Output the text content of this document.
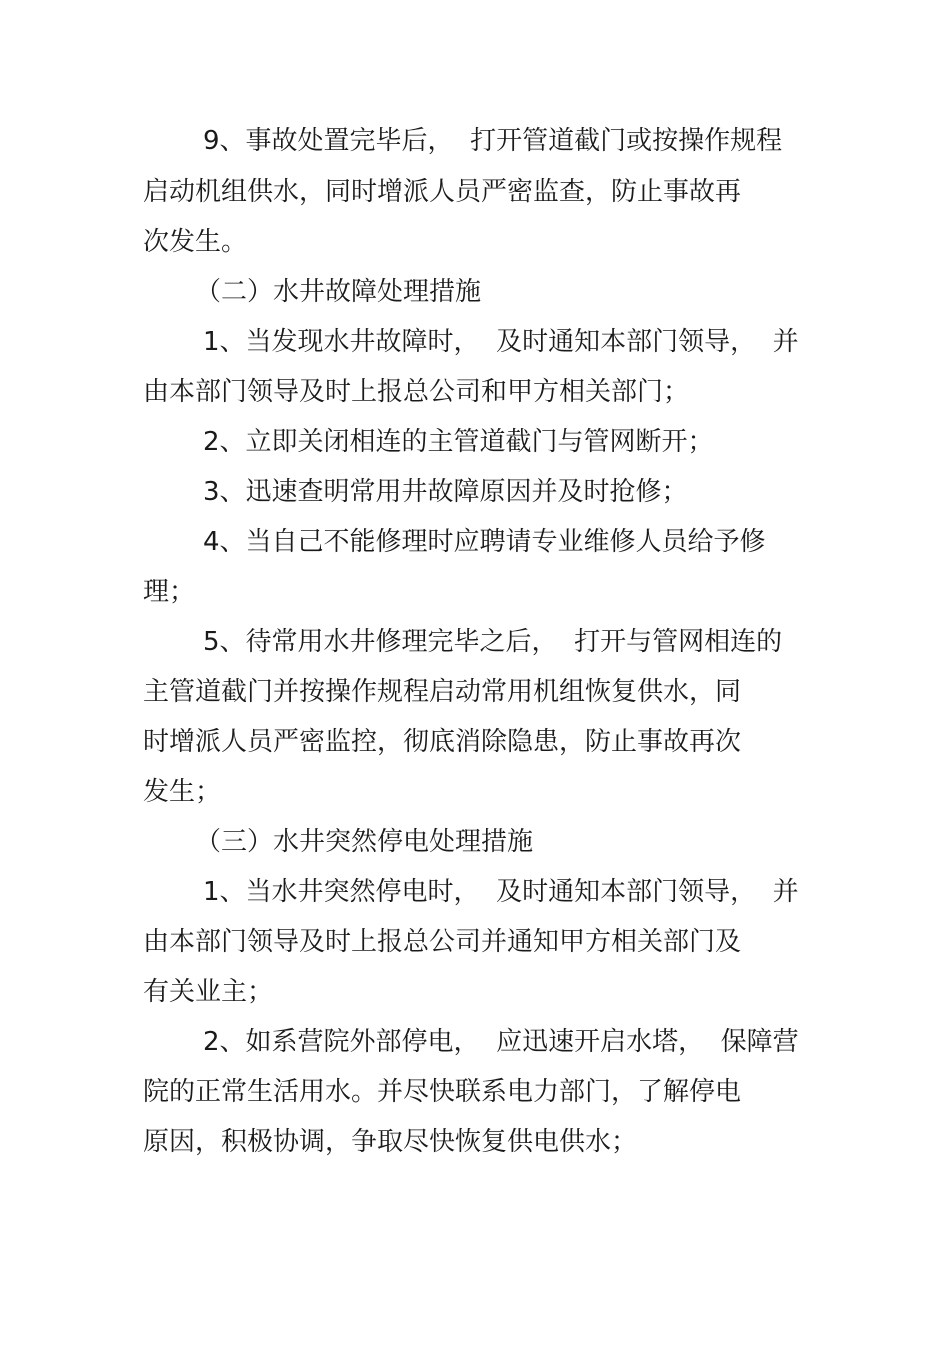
9、事故处置完毕后，  打开管道截门或按操作规程
启动机组供水，同时增派人员严密监查，防止事故再
次发生。
（二）水井故障处理措施
1、当发现水井故障时，  及时通知本部门领导，  并
由本部门领导及时上报总公司和甲方相关部门；
2、立即关闭相连的主管道截门与管网断开；
3、迅速查明常用井故障原因并及时抢修；
4、当自己不能修理时应聘请专业维修人员给予修
理；
5、待常用水井修理完毕之后，  打开与管网相连的
主管道截门并按操作规程启动常用机组恢复供水，同
时增派人员严密监控，彻底消除隐患，防止事故再次
发生；
（三）水井突然停电处理措施
1、当水井突然停电时，  及时通知本部门领导，  并
由本部门领导及时上报总公司并通知甲方相关部门及
有关业主；
2、如系营院外部停电，  应迅速开启水塔，  保障营
院的正常生活用水。并尽快联系电力部门，了解停电
原因，积极协调，争取尽快恢复供电供水；
